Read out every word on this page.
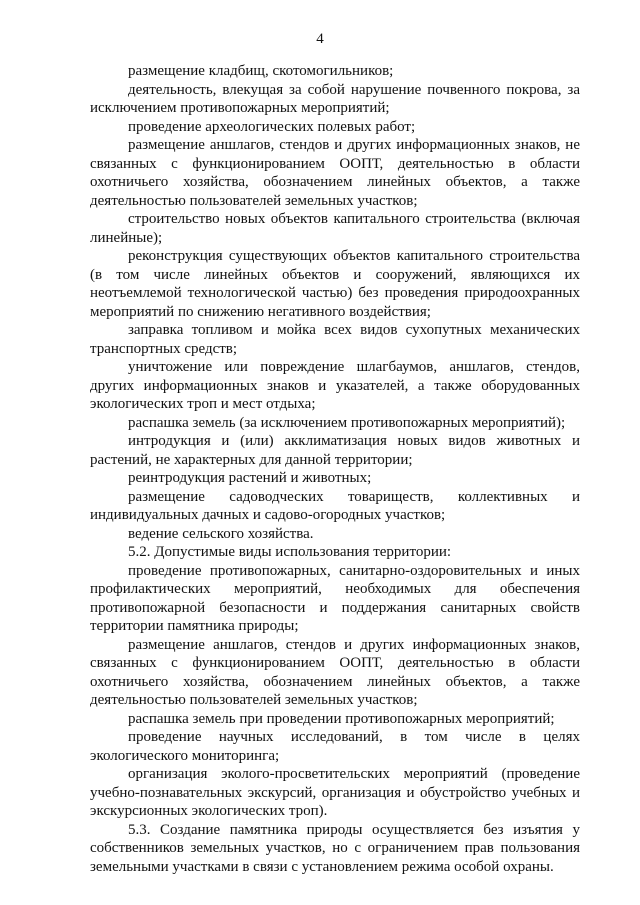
4

размещение кладбищ, скотомогильников;

деятельность, влекущая за собой нарушение почвенного покрова, за исключением противопожарных мероприятий;

проведение археологических полевых работ;

размещение аншлагов, стендов и других информационных знаков, не связанных с функционированием ООПТ, деятельностью в области охотничьего хозяйства, обозначением линейных объектов, а также деятельностью пользователей земельных участков;

строительство новых объектов капитального строительства (включая линейные);

реконструкция существующих объектов капитального строительства (в том числе линейных объектов и сооружений, являющихся их неотъемлемой технологической частью) без проведения природоохранных мероприятий по снижению негативного воздействия;

заправка топливом и мойка всех видов сухопутных механических транспортных средств;

уничтожение или повреждение шлагбаумов, аншлагов, стендов, других информационных знаков и указателей, а также оборудованных экологических троп и мест отдыха;

распашка земель (за исключением противопожарных мероприятий);

интродукция и (или) акклиматизация новых видов животных и растений, не характерных для данной территории;

реинтродукция растений и животных;

размещение садоводческих товариществ, коллективных и индивидуальных дачных и садово-огородных участков;

ведение сельского хозяйства.

5.2. Допустимые виды использования территории:

проведение противопожарных, санитарно-оздоровительных и иных профилактических мероприятий, необходимых для обеспечения противопожарной безопасности и поддержания санитарных свойств территории памятника природы;

размещение аншлагов, стендов и других информационных знаков, связанных с функционированием ООПТ, деятельностью в области охотничьего хозяйства, обозначением линейных объектов, а также деятельностью пользователей земельных участков;

распашка земель при проведении противопожарных мероприятий;

проведение научных исследований, в том числе в целях экологического мониторинга;

организация эколого-просветительских мероприятий (проведение учебно-познавательных экскурсий, организация и обустройство учебных и экскурсионных экологических троп).

5.3. Создание памятника природы осуществляется без изъятия у собственников земельных участков, но с ограничением прав пользования земельными участками в связи с установлением режима особой охраны.
